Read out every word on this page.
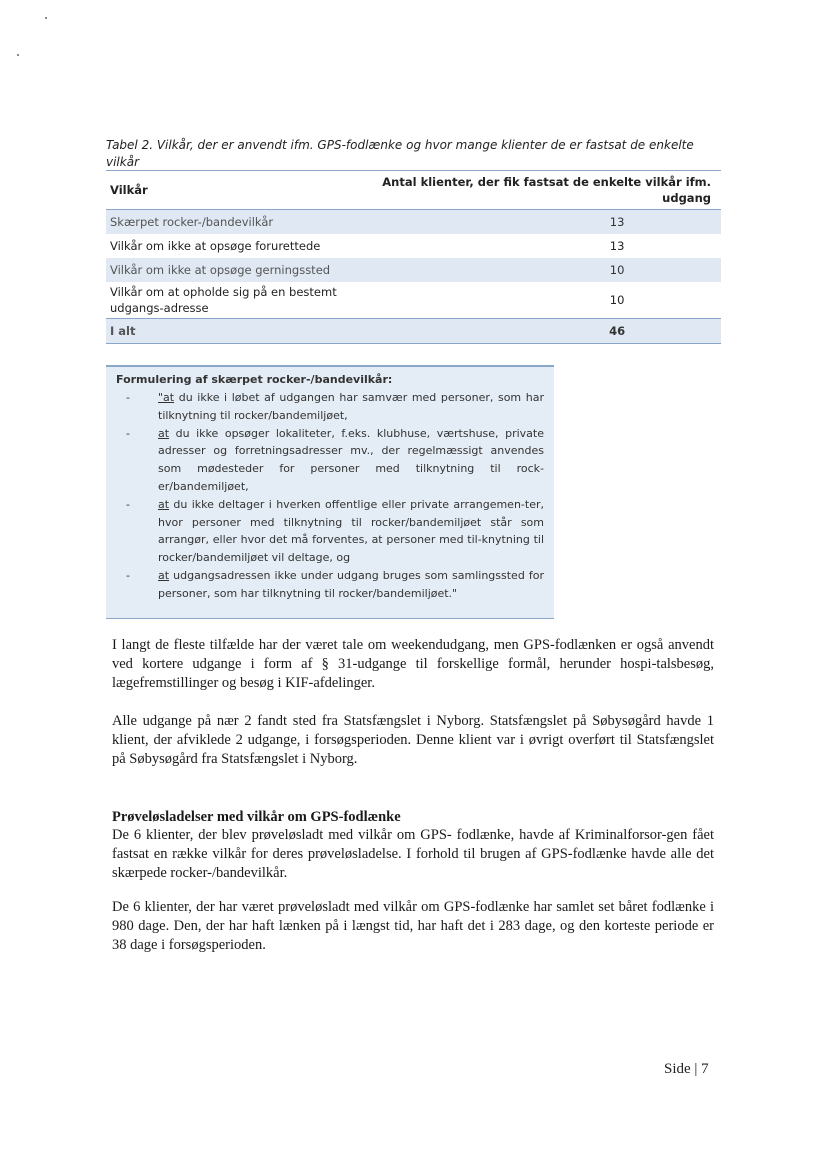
Tabel 2. Vilkår, der er anvendt ifm. GPS-fodlænke og hvor mange klienter de er fastsat de enkelte vilkår
Vilkår	Antal klienter, der fik fastsat de enkelte vilkår ifm. udgang
Skærpet rocker-/bandevilkår	13
Vilkår om ikke at opsøge forurettede	13
Vilkår om ikke at opsøge gerningssted	10
Vilkår om at opholde sig på en bestemt udgangs-adresse	10
I alt	46
Formulering af skærpet rocker-/bandevilkår:
-	"at du ikke i løbet af udgangen har samvær med personer, som har tilknytning til rocker/bandemiljøet,
-	at du ikke opsøger lokaliteter, f.eks. klubhuse, værtshuse, private adresser og forretningsadresser mv., der regelmæssigt anvendes som mødesteder for personer med tilknytning til rock-er/bandemiljøet,
-	at du ikke deltager i hverken offentlige eller private arrangemen-ter, hvor personer med tilknytning til rocker/bandemiljøet står som arrangør, eller hvor det må forventes, at personer med til-knytning til rocker/bandemiljøet vil deltage, og
-	at udgangsadressen ikke under udgang bruges som samlingssted for personer, som har tilknytning til rocker/bandemiljøet."
I langt de fleste tilfælde har der været tale om weekendudgang, men GPS-fodlænken er også anvendt ved kortere udgange i form af § 31-udgange til forskellige formål, herunder hospi-talsbesøg, lægefremstillinger og besøg i KIF-afdelinger.
Alle udgange på nær 2 fandt sted fra Statsfængslet i Nyborg. Statsfængslet på Søbysøgård havde 1 klient, der afviklede 2 udgange, i forsøgsperioden. Denne klient var i øvrigt overført til Statsfængslet på Søbysøgård fra Statsfængslet i Nyborg.
Prøveløsladelser med vilkår om GPS-fodlænke
De 6 klienter, der blev prøveløsladt med vilkår om GPS- fodlænke, havde af Kriminalforsor-gen fået fastsat en række vilkår for deres prøveløsladelse. I forhold til brugen af GPS-fodlænke havde alle det skærpede rocker-/bandevilkår.
De 6 klienter, der har været prøveløsladt med vilkår om GPS-fodlænke har samlet set båret fodlænke i 980 dage. Den, der har haft lænken på i længst tid, har haft det i 283 dage, og den korteste periode er 38 dage i forsøgsperioden.
Side | 7
